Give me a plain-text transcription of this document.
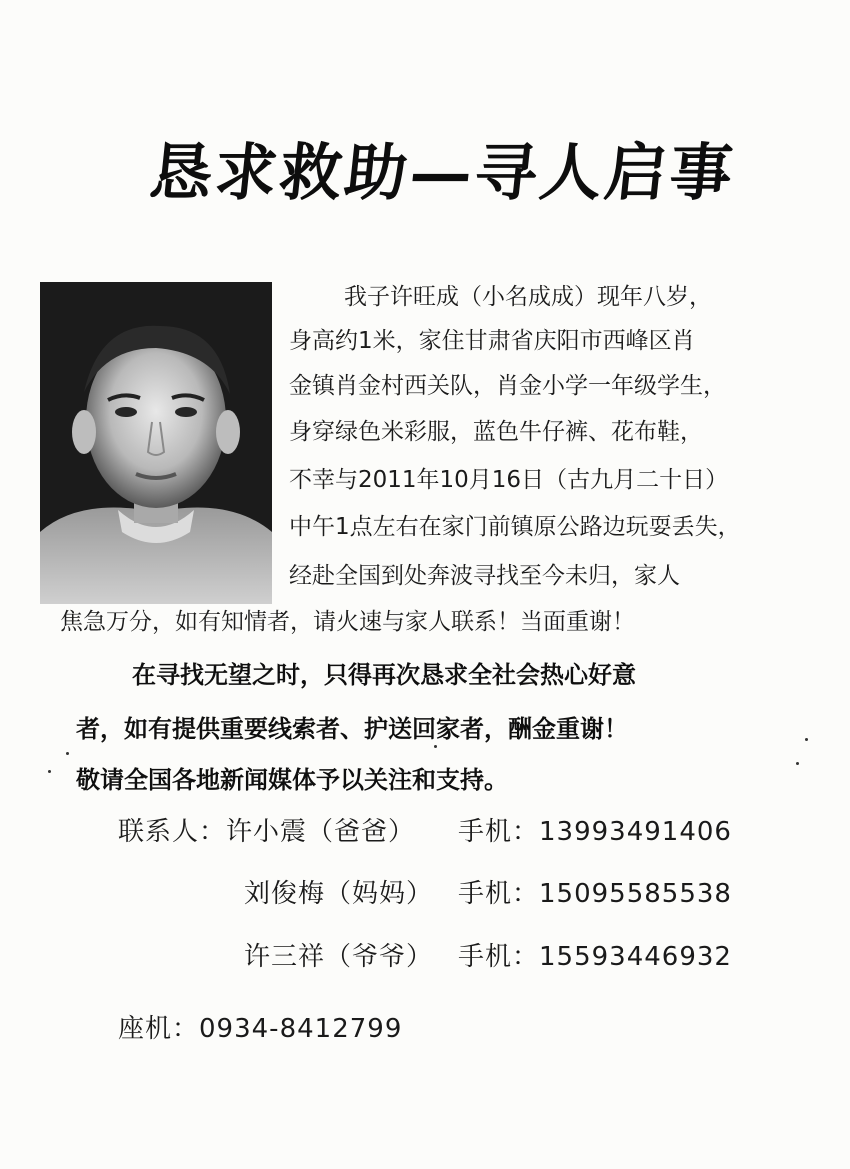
恳求救助—寻人启事
我子许旺成（小名成成）现年八岁，
身高约1米，家住甘肃省庆阳市西峰区肖
金镇肖金村西关队，肖金小学一年级学生，
身穿绿色米彩服，蓝色牛仔裤、花布鞋，
不幸与2011年10月16日（古九月二十日）
中午1点左右在家门前镇原公路边玩耍丢失，
经赴全国到处奔波寻找至今未归，家人
焦急万分，如有知情者，请火速与家人联系！当面重谢！
在寻找无望之时，只得再次恳求全社会热心好意
者，如有提供重要线索者、护送回家者，酬金重谢！
敬请全国各地新闻媒体予以关注和支持。
联系人：许小震（爸爸） 手机：13993491406
刘俊梅（妈妈） 手机：15095585538
许三祥（爷爷） 手机：15593446932
座机：0934-8412799
